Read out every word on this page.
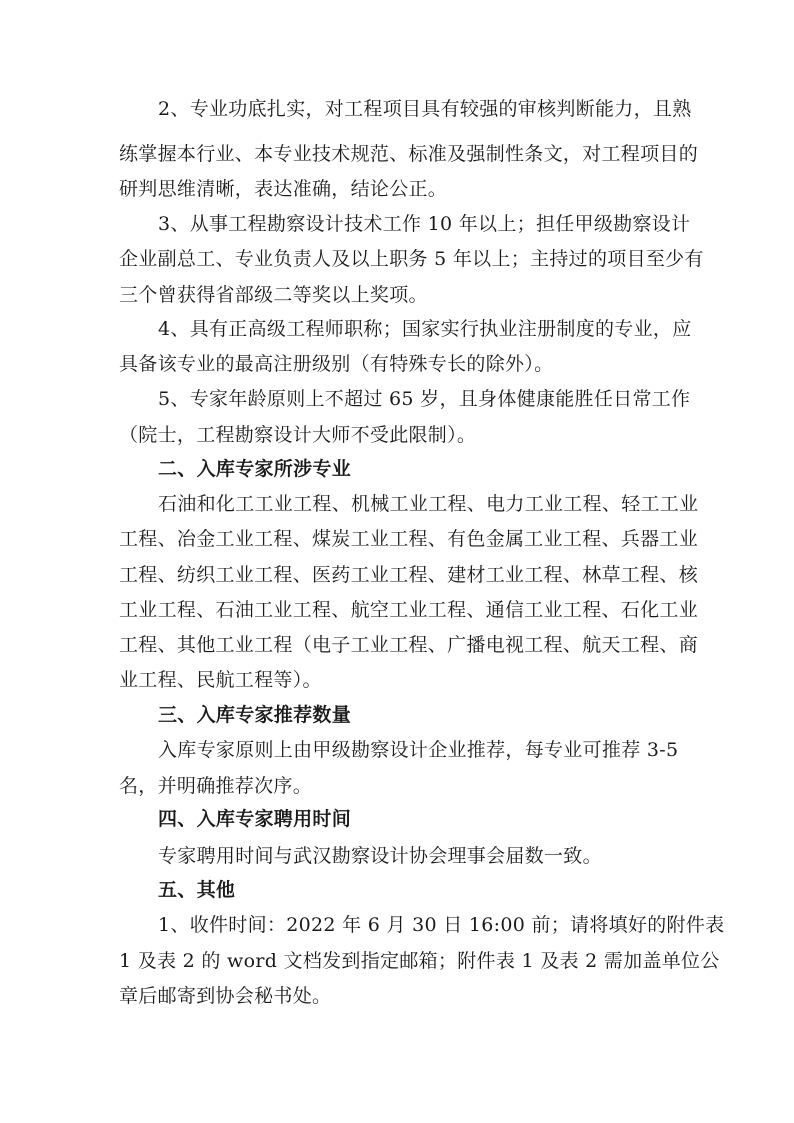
2、专业功底扎实，对工程项目具有较强的审核判断能力，且熟
练掌握本行业、本专业技术规范、标准及强制性条文，对工程项目的
研判思维清晰，表达准确，结论公正。
3、从事工程勘察设计技术工作 10 年以上；担任甲级勘察设计
企业副总工、专业负责人及以上职务 5 年以上；主持过的项目至少有
三个曾获得省部级二等奖以上奖项。
4、具有正高级工程师职称；国家实行执业注册制度的专业，应
具备该专业的最高注册级别（有特殊专长的除外）。
5、专家年龄原则上不超过 65 岁，且身体健康能胜任日常工作
（院士，工程勘察设计大师不受此限制）。
二、入库专家所涉专业
石油和化工工业工程、机械工业工程、电力工业工程、轻工工业
工程、冶金工业工程、煤炭工业工程、有色金属工业工程、兵器工业
工程、纺织工业工程、医药工业工程、建材工业工程、林草工程、核
工业工程、石油工业工程、航空工业工程、通信工业工程、石化工业
工程、其他工业工程（电子工业工程、广播电视工程、航天工程、商
业工程、民航工程等）。
三、入库专家推荐数量
入库专家原则上由甲级勘察设计企业推荐，每专业可推荐 3-5
名，并明确推荐次序。
四、入库专家聘用时间
专家聘用时间与武汉勘察设计协会理事会届数一致。
五、其他
1、收件时间：2022 年 6 月 30 日 16:00 前；请将填好的附件表
1 及表 2 的 word 文档发到指定邮箱；附件表 1 及表 2 需加盖单位公
章后邮寄到协会秘书处。
